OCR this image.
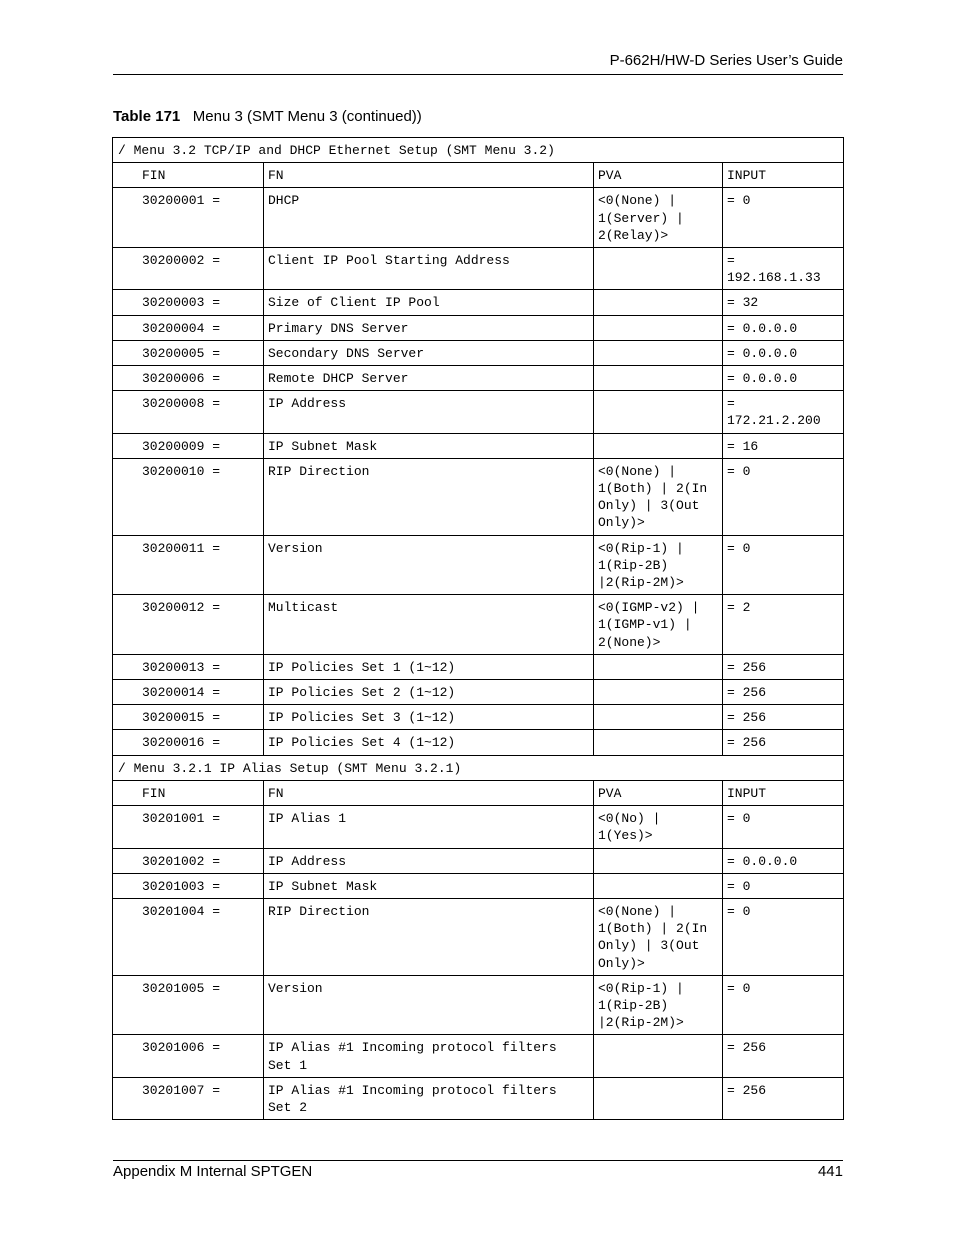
P-662H/HW-D Series User’s Guide
Table 171 Menu 3 (SMT Menu 3 (continued))
/ Menu 3.2 TCP/IP and DHCP Ethernet Setup (SMT Menu 3.2)			
FIN	FN	PVA	INPUT
30200001 =	DHCP	<0(None) |
1(Server) |
2(Relay)>	= 0
30200002 =	Client IP Pool Starting Address		=
192.168.1.33
30200003 =	Size of Client IP Pool		= 32
30200004 =	Primary DNS Server		= 0.0.0.0
30200005 =	Secondary DNS Server		= 0.0.0.0
30200006 =	Remote DHCP Server		= 0.0.0.0
30200008 =	IP Address		=
172.21.2.200
30200009 =	IP Subnet Mask		= 16
30200010 =	RIP Direction	<0(None) |
1(Both) | 2(In
Only) | 3(Out
Only)>	= 0
30200011 =	Version	<0(Rip-1) |
1(Rip-2B)
|2(Rip-2M)>	= 0
30200012 =	Multicast	<0(IGMP-v2) |
1(IGMP-v1) |
2(None)>	= 2
30200013 =	IP Policies Set 1 (1~12)		= 256
30200014 =	IP Policies Set 2 (1~12)		= 256
30200015 =	IP Policies Set 3 (1~12)		= 256
30200016 =	IP Policies Set 4 (1~12)		= 256
/ Menu 3.2.1 IP Alias Setup (SMT Menu 3.2.1)			
FIN	FN	PVA	INPUT
30201001 =	IP Alias 1	<0(No) |
1(Yes)>	= 0
30201002 =	IP Address		= 0.0.0.0
30201003 =	IP Subnet Mask		= 0
30201004 =	RIP Direction	<0(None) |
1(Both) | 2(In
Only) | 3(Out
Only)>	= 0
30201005 =	Version	<0(Rip-1) |
1(Rip-2B)
|2(Rip-2M)>	= 0
30201006 =	IP Alias #1 Incoming protocol filters
Set 1		= 256
30201007 =	IP Alias #1 Incoming protocol filters
Set 2		= 256
Appendix M Internal SPTGEN	441
